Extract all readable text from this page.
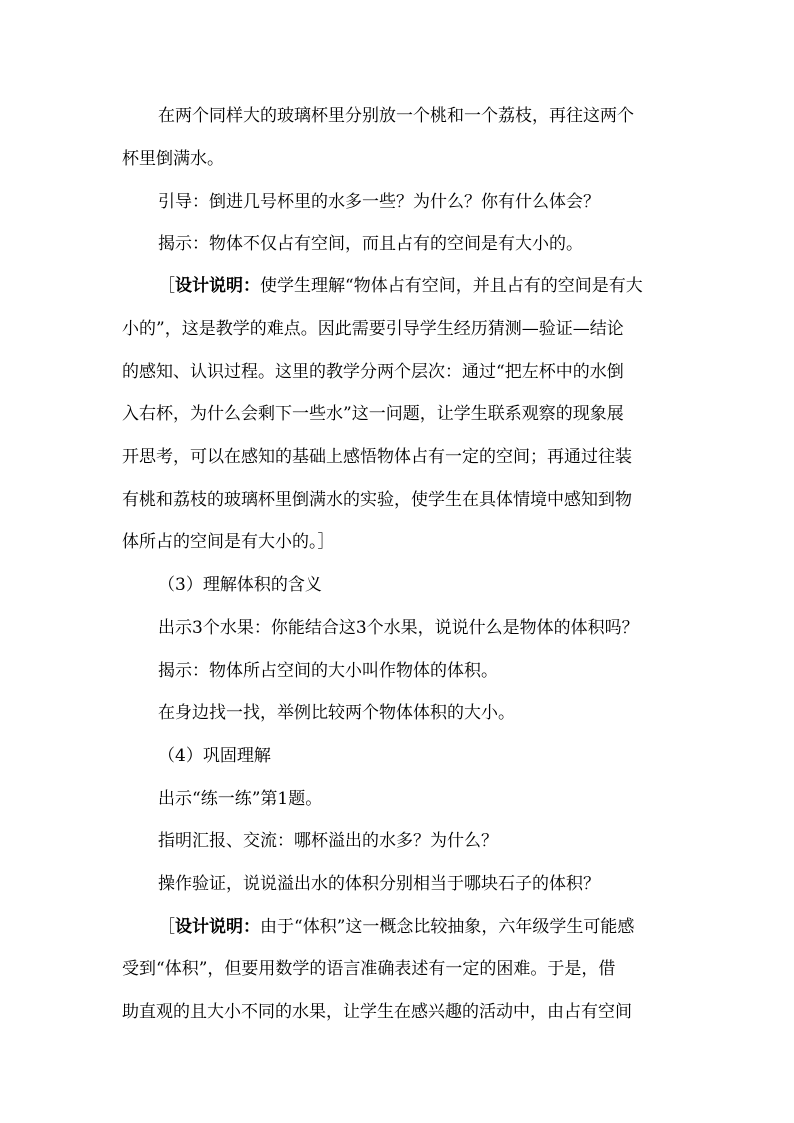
在两个同样大的玻璃杯里分别放一个桃和一个荔枝，再往这两个
杯里倒满水。
引导：倒进几号杯里的水多一些？为什么？你有什么体会？
揭示：物体不仅占有空间，而且占有的空间是有大小的。
［设计说明：使学生理解“物体占有空间，并且占有的空间是有大
小的”，这是教学的难点。因此需要引导学生经历猜测—验证—结论
的感知、认识过程。这里的教学分两个层次：通过“把左杯中的水倒
入右杯，为什么会剩下一些水”这一问题，让学生联系观察的现象展
开思考，可以在感知的基础上感悟物体占有一定的空间；再通过往装
有桃和荔枝的玻璃杯里倒满水的实验，使学生在具体情境中感知到物
体所占的空间是有大小的。］
（3）理解体积的含义
出示3个水果：你能结合这3个水果，说说什么是物体的体积吗？
揭示：物体所占空间的大小叫作物体的体积。
在身边找一找，举例比较两个物体体积的大小。
（4）巩固理解
出示“练一练”第1题。
指明汇报、交流：哪杯溢出的水多？为什么？
操作验证，说说溢出水的体积分别相当于哪块石子的体积？
［设计说明：由于“体积”这一概念比较抽象，六年级学生可能感
受到“体积”，但要用数学的语言准确表述有一定的困难。于是，借
助直观的且大小不同的水果，让学生在感兴趣的活动中，由占有空间
